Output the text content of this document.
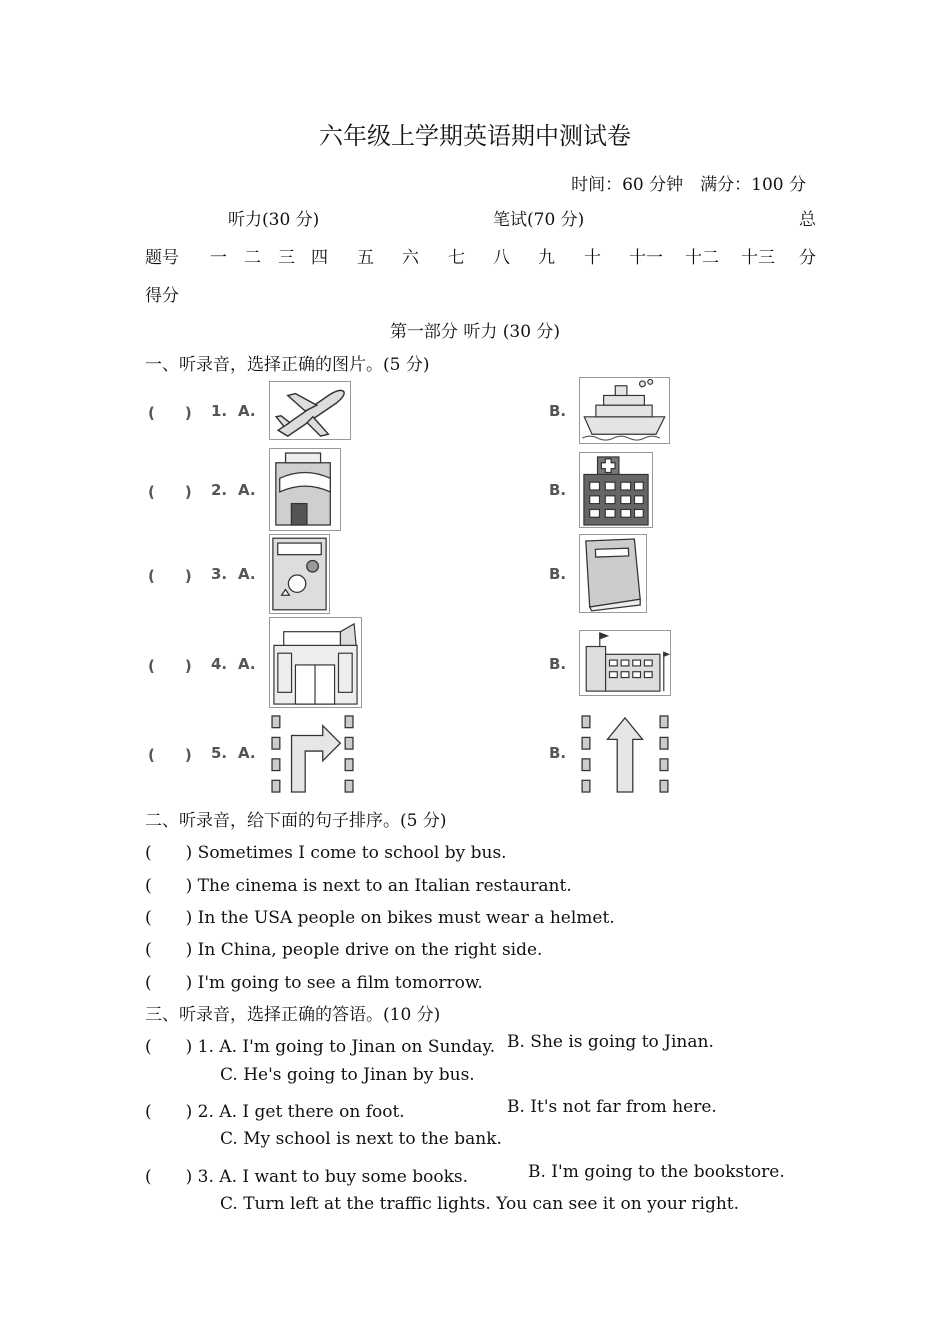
六年级上学期英语期中测试卷
时间：60 分钟　满分：100 分
听力(30 分)	笔试(70 分)	总
题号 一 二 三 四 五 六 七 八 九 十 十一 十二 十三 分
得分
第一部分 听力 (30 分)
一、听录音，选择正确的图片。(5 分)
(　　) 1. A.	B.
(　　) 2. A.	B.
(　　) 3. A.	B.
(　　) 4. A.	B.
(　　) 5. A.	B.
二、听录音，给下面的句子排序。(5 分)
(　　) Sometimes I come to school by bus.
(　　) The cinema is next to an Italian restaurant.
(　　) In the USA people on bikes must wear a helmet.
(　　) In China, people drive on the right side.
(　　) I'm going to see a film tomorrow.
三、听录音，选择正确的答语。(10 分)
(　　) 1. A. I'm going to Jinan on Sunday. B. She is going to Jinan.
C. He's going to Jinan by bus.
(　　) 2. A. I get there on foot.	B. It's not far from here.
C. My school is next to the bank.
(　　) 3. A. I want to buy some books.	B. I'm going to the bookstore.
C. Turn left at the traffic lights. You can see it on your right.
